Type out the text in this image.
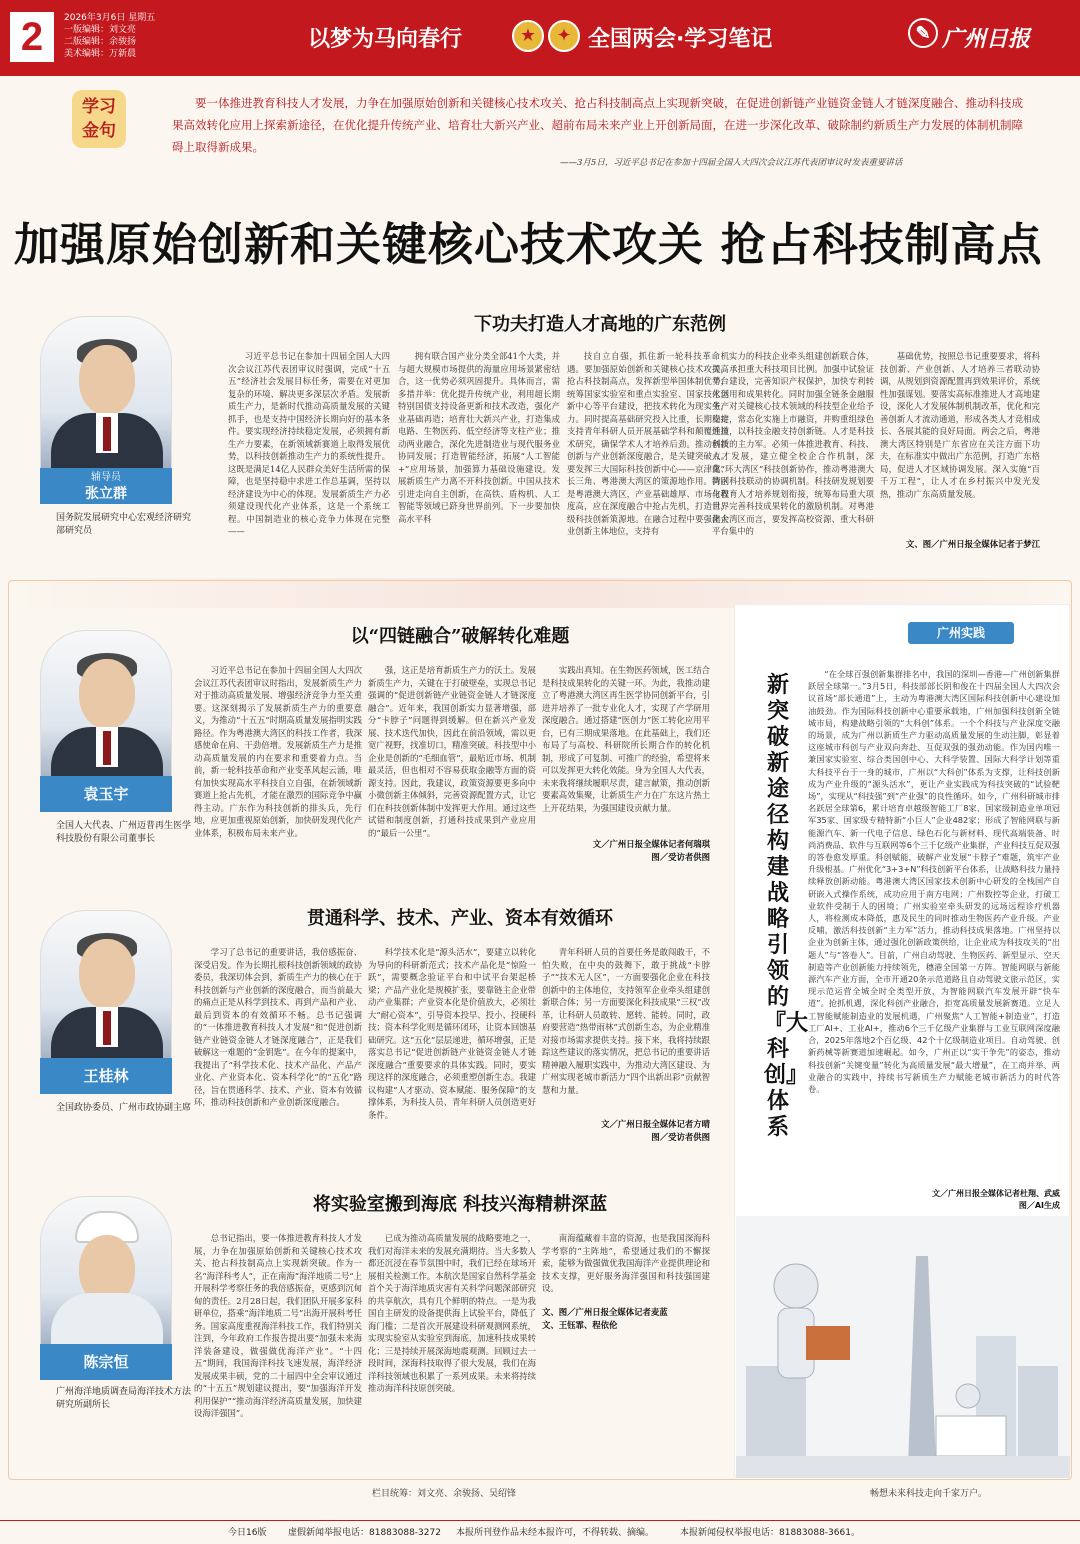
2	2026年3月6日 星期五
一版编辑：刘文亮
二版编辑：余骏扬
美术编辑：万新晨
以梦为马向春行	★	✦ 全国两会·学习笔记	✎ 广州日报
学习
金句
要一体推进教育科技人才发展，力争在加强原始创新和关键核心技术攻关、抢占科技制高点上实现新突破，在促进创新链产业链资金链人才链深度融合、推动科技成果高效转化应用上探索新途径，在优化提升传统产业、培育壮大新兴产业、超前布局未来产业上开创新局面，在进一步深化改革、破除制约新质生产力发展的体制机制障碍上取得新成果。
——3月5日，习近平总书记在参加十四届全国人大四次会议江苏代表团审议时发表重要讲话
加强原始创新和关键核心技术攻关 抢占科技制高点
辅导员
张立群
国务院发展研究中心宏观经济研究部研究员
下功夫打造人才高地的广东范例
习近平总书记在参加十四届全国人大四次会议江苏代表团审议时强调，完成“十五五”经济社会发展目标任务，需要在对更加复杂的环境、解决更多深层次矛盾。发展新质生产力，是新时代推动高质量发展的关键抓手，也是支持中国经济长期向好的基本条件。要实现经济持续稳定发展，必须拥有新生产力要素，在新领域新赛道上取得发展优势，以科技创新推动生产力的系统性提升。这既是满足14亿人民群众美好生活所需的保障，也是坚持稳中求进工作总基调，坚持以经济建设为中心的体现。发展新质生产力必须建设现代化产业体系，这是一个系统工程。中国制造业的核心竞争力体现在完整——
拥有联合国产业分类全部41个大类，并与超大规模市场提供的海量应用场景紧密结合，这一优势必须巩固提升。具体而言，需多措并举：优化提升传统产业，利用超长期特别国债支持设备更新和技术改造，强化产业基础再造；培育壮大新兴产业，打造集成电路、生物医药、低空经济等支柱产业；推动两业融合，深化先进制造业与现代服务业协同发展；打造智能经济，拓展“人工智能+”应用场景，加强算力基础设施建设。发展新质生产力离不开科技创新。中国从技术引进走向自主创新，在高铁、盾构机、人工智能等领域已跻身世界前列。下一步要加快高水平科
技自立自强，抓住新一轮科技革命机遇。要加强原始创新和关键核心技术攻关，抢占科技制高点，发挥新型举国体制优势，统筹国家实验室和重点实验室、国家技术创新中心等平台建设，把技术转化为现实生产力。同时提高基础研究投入比重，长期稳定支持青年科研人员开展基础学科和颠覆性技术研究，确保学术人才培养后劲。推动科技创新与产业创新深度融合，是关键突破点。要发挥三大国际科技创新中心——京津冀、长三角、粤港澳大湾区的策源地作用。特别是粤港澳大湾区，产业基础雄厚、市场化程度高，应在深度融合中抢占先机，打造世界级科技创新策源地。在融合过程中要强化企业创新主体地位，支持有
实力的科技企业牵头组建创新联合体，提高承担重大科技项目比例。加强中试验证平台建设，完善知识产权保护，加快专利转化运用和成果转化。同时加强全链条金融服务，对关键核心技术领域的科技型企业给予支持，常态化实施上市融资，并购重组绿色通道，以科技金融支持创新链。人才是科技创新的主力军。必须一体推进教育、科技、人才发展，建立健全校企合作机制，深化“环大湾区”科技创新协作，推动粤港澳大湾区科技联动的协调机制。科技研发规划要与教育人才培养规划衔接，统筹布局重大项目，完善科技成果转化的激励机制。对粤港澳大湾区而言，要发挥高校资源、重大科研平台集中的
基础优势，按照总书记重要要求，将科技创新、产业创新、人才培养三者联动协调，从规划到资源配置再到效果评价，系统性加强谋划。要落实高标准推进人才高地建设，深化人才发展体制机制改革，优化和完善创新人才流动通道，形成各类人才竞相成长、各展其能的良好局面。两会之后，粤港澳大湾区特别是广东省应在关注方面下功夫，在标准实中做出广东范例，打造广东格局，促进人才区域协调发展。深入实施“百千万工程”，让人才在乡村振兴中发光发热，推动广东高质量发展。
文、图／广州日报全媒体记者于梦江
袁玉宇
全国人大代表、广州迈普再生医学科技股份有限公司董事长
以“四链融合”破解转化难题
习近平总书记在参加十四届全国人大四次会议江苏代表团审议时指出，发展新质生产力对于推动高质量发展、增强经济竞争力至关重要。这深刻揭示了发展新质生产力的重要意义，为推动“十五五”时期高质量发展指明实践路径。作为粤港澳大湾区的科技工作者，我深感使命在肩、干劲倍增。发展新质生产力是推动高质量发展的内在要求和重要着力点。当前，新一轮科技革命和产业变革风起云涌，唯有加快实现高水平科技自立自强，在新领域新赛道上抢占先机，才能在激烈的国际竞争中赢得主动。广东作为科技创新的排头兵，先行地，应更加重视原始创新，加快研发现代化产业体系，积极布局未来产业。
强，这正是培育新质生产力的沃土。发展新质生产力，关键在于打破壁垒，实现总书记强调的“促进创新链产业链资金链人才链深度融合”。近年来，我国创新实力显著增强，部分“卡脖子”问题得到缓解。但在新兴产业发展、技术迭代加快，因此在前沿领域，需以更宽广视野，找准切口，精准突破。科技型中小企业是创新的“毛细血管”，最贴近市场、机制最灵活，但也相对不容易获取金融等方面的资源支持。因此，我建议，政策资源要更多向中小微创新主体倾斜，完善资源配置方式，让它们在科技创新体制中发挥更大作用。通过这些试错和制度创新，打通科技成果到产业应用的“最后一公里”。
实践出真知。在生物医药领域，医工结合是科技成果转化的关键一环。为此，我推动建立了粤港澳大湾区再生医学协同创新平台，引进并培养了一批专业化人才，实现了产学研用深度融合。通过搭建“医创力”医工转化应用平台，已有三期成果落地。在此基础上，我们还布局了与高校、科研院所长期合作的转化机制，形成了可复制、可推广的经验，希望将来可以发挥更大转化效能。身为全国人大代表，未来我将继续履职尽责，建言献策，推动创新要素高效集聚，让新质生产力在广东这片热土上开花结果，为强国建设贡献力量。
文／广州日报全媒体记者何瑞琪
图／受访者供图
王桂林
全国政协委员、广州市政协副主席
贯通科学、技术、产业、资本有效循环
学习了总书记的重要讲话，我倍感振奋、深受启发。作为长期扎根科技创新领域的政协委员，我深切体会到，新质生产力的核心在于科技创新与产业创新的深度融合，而当前最大的痛点正是从科学到技术、再到产品和产业、最后到资本的有效循环不畅。总书记强调的“一体推进教育科技人才发展”和“促进创新链产业链资金链人才链深度融合”，正是我们破解这一难题的“金钥匙”。在今年的提案中，我提出了“科学技术化、技术产品化、产品产业化、产业资本化、资本科学化”的“五化”路径，旨在贯通科学、技术、产业、资本有效循环，推动科技创新和产业创新深度融合。
科学技术化是“源头活水”，要建立以转化为导向的科研新范式；技术产品化是“惊险一跃”，需要概念验证平台和中试平台架起桥梁；产品产业化是规模扩张，要靠链主企业带动产业集群；产业资本化是价值放大，必须壮大“耐心资本”，引导资本投早、投小、投硬科技；资本科学化则是循环闭环，让资本回馈基础研究。这“五化”层层递进，循环增强，正是落实总书记“促进创新链产业链资金链人才链深度融合”重要要求的具体实践。同时，要实现这样的深度融合，必须重塑创新生态。我建议构建“人才驱动、资本赋能、服务保障”的支撑体系，为科技人员、青年科研人员创造更好条件。
青年科研人员的首要任务是敢闯敢干，不怕失败，在中央的鼓舞下，敢于挑战“卡脖子”“技术无人区”，一方面要强化企业在科技创新中的主体地位，支持领军企业牵头组建创新联合体；另一方面要深化科技成果“三权”改革，让科研人员敢转、愿转、能转。同时，政府要营造“热带雨林”式创新生态，为企业精准对接市场需求提供支持。接下来，我将持续跟踪这些建议的落实情况，把总书记的重要讲话精神融入履职实践中，为推动大湾区建设、为广州实现老城市新活力“四个出新出彩”贡献智慧和力量。
文／广州日报全媒体记者方晴
图／受访者供图
陈宗恒
广州海洋地质调查局海洋技术方法研究所副所长
将实验室搬到海底 科技兴海精耕深蓝
总书记指出，要一体推进教育科技人才发展，力争在加强原始创新和关键核心技术攻关、抢占科技制高点上实现新突破。作为一名“海洋科考人”，正在南海“海洋地质二号”上开展科学考察任务的我倍感振奋，更感到沉甸甸的责任。2月28日起，我们团队开展多家科研单位，搭乘“海洋地质二号”出海开展科考任务。国家高度重视海洋科技工作，我们特别关注到，今年政府工作报告提出要“加强未来海洋装备建设，做强做优海洋产业”。“十四五”期间，我国海洋科技飞速发展，海洋经济发展成果丰硕，党的二十届四中全会审议通过的“十五五”规划建议提出，要“加强海洋开发利用保护”“推动海洋经济高质量发展，加快建设海洋强国”。
已成为推动高质量发展的战略要地之一，我们对海洋未来的发展充满期待。当大多数人都还沉浸在春节氛围中时，我们已经在球场开展相关检测工作。本航次是国家自然科学基金首个关于海洋地质灾害有关科学问题深部研究的共享航次，具有几个鲜明的特点。一是为我国自主研发的设备提供海上试验平台，降低了海门槛；二是首次开展建设科研观测网系统，实现实验室从实验室到海底，加速科技成果转化；三是持续开展深海地震观测。回顾过去一段时间，深海科技取得了很大发展，我们在海洋科技领域也积累了一系列成果。未来将持续推动海洋科技原创突破。
南海蕴藏着丰富的资源，也是我国深海科学考察的“主阵地”，希望通过我们的不懈探索，能够为做强做优我国海洋产业提供理论和技术支撑，更好服务海洋强国和科技强国建设。
文、图／广州日报全媒体记者麦蓝
文、王钰霏、程依伦
广州实践
新突破新途径 构建战略引领的『大科创』体系
“在全球百强创新集群排名中，我国的深圳—香港—广州创新集群跃居全球第一。”3月5日，科技部部长阴和俊在十四届全国人大四次会议首场“部长通道”上，主动为粤港澳大湾区国际科技创新中心建设加油鼓劲。作为国际科技创新中心重要承载地，广州加强科技创新全链城市局，构建战略引领的“大科创”体系。一个个科技与产业深度交融的场景，成为广州以新质生产力驱动高质量发展的生动注脚，彰显着这座城市科创与产业双向奔赴、互促双强的强劲动能。作为国内唯一兼国家实验室、综合类国创中心、大科学装置、国际大科学计划等重大科技平台于一身的城市，广州以“大科创”体系为支撑，让科技创新成为产业升级的“源头活水”，更让产业实践成为科技突破的“试验靶场”，实现从“科技强”到“产业强”的良性循环。如今，广州科研城市排名跃居全球第6，累计培育卓越级智能工厂8家、国家级制造业单项冠军35家、国家级专精特新“小巨人”企业482家；形成了智能网联与新能源汽车、新一代电子信息、绿色石化与新材料、现代高端装备、时尚消费品、软件与互联网等6个三千亿级产业集群，产业科技互促双强的答卷愈发厚重。科创赋能，破解产业发展“卡脖子”难题，筑牢产业升级根基。广州优化“3+3+N”科技创新平台体系，让战略科技力量持续释放创新动能。粤港澳大湾区国家技术创新中心研发的全栈国产自研嵌入式操作系统，成功应用于南方电网；广州数控等企业，打破工业软件受制于人的困境；广州实验室牵头研发的远场远程诊疗机器人，将检测成本降低，惠及民生的同时推动生物医药产业升级。产业反哺，激活科技创新“主力军”活力，推动科技成果落地。广州坚持以企业为创新主体，通过强化创新政策供给，让企业成为科技攻关的“出题人”与“答卷人”。目前，广州自动驾驶、生物医药、新型显示、空天制造等产业创新能力持续领先，穗港全国第一方阵。智能网联与新能源汽车产业方面，全市开通20条示范道路且自动驾驶文旅示范区，实现示范运营全城全时全类型开放，为智能网联汽车发展开辟“快车道”。抢抓机遇，深化科创产业融合，拒宽高质量发展新赛道。立足人工智能赋能制造业的发展机遇，广州聚焦“人工智能+制造业”，打造工厂AI+、工业AI+，推动6个三千亿级产业集群与工业互联网深度融合，2025年落地2个百亿级、42个十亿级制造业项目。自动驾驶、创新药械等新赛道加速崛起。如今，广州正以“实干争先”的姿态，推动科技创新“关键变量”转化为高质量发展“最大增量”，在工商并举、两业融合的实践中，持续书写新质生产力赋能老城市新活力的时代答卷。
文／广州日报全媒体记者杜翔、武威
图／AI生成
栏目统筹：刘文亮、余骏扬、吴绍锋	畅想未来科技走向千家万户。
今日16版 虚假新闻举报电话：81883088-3272 本报所刊登作品未经本报许可，不得转载、摘编。	本报新闻侵权举报电话：81883088-3661。
